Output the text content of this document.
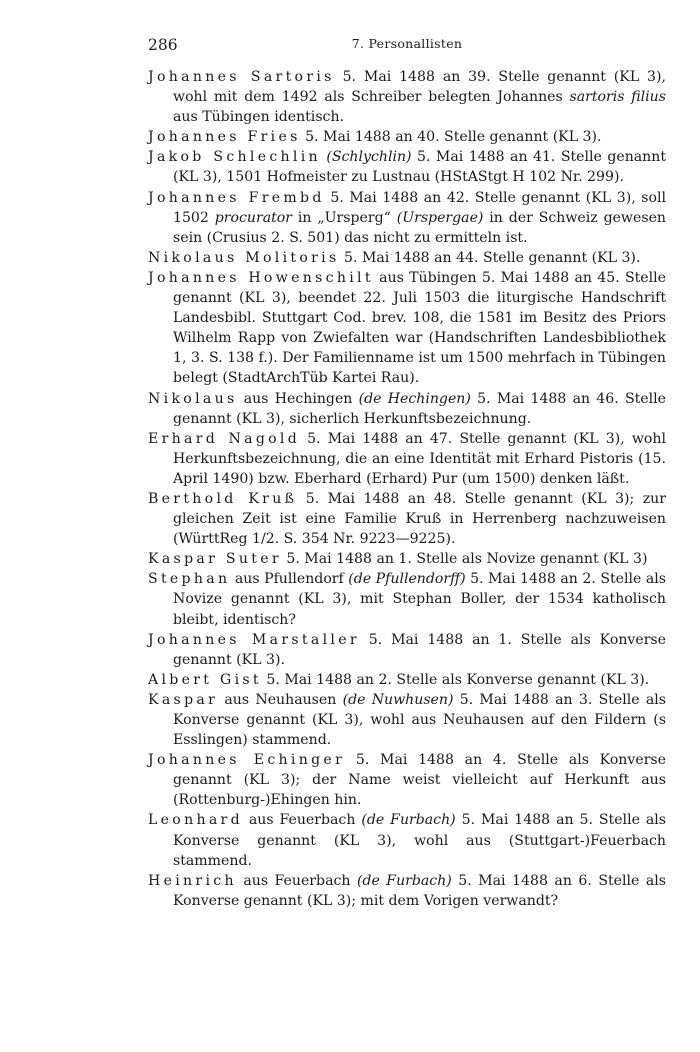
286	7. Personallisten

Johannes Sartoris 5. Mai 1488 an 39. Stelle genannt (KL 3), wohl mit dem 1492 als Schreiber belegten Johannes sartoris filius aus Tübingen identisch.

Johannes Fries 5. Mai 1488 an 40. Stelle genannt (KL 3).

Jakob Schlechlin (Schlychlin) 5. Mai 1488 an 41. Stelle genannt (KL 3), 1501 Hofmeister zu Lustnau (HStAStgt H 102 Nr. 299).

Johannes Frembd 5. Mai 1488 an 42. Stelle genannt (KL 3), soll 1502 procurator in „Ursperg“ (Urspergae) in der Schweiz gewesen sein (Crusius 2. S. 501) das nicht zu ermitteln ist.

Nikolaus Molitoris 5. Mai 1488 an 44. Stelle genannt (KL 3).

Johannes Howenschilt aus Tübingen 5. Mai 1488 an 45. Stelle genannt (KL 3), beendet 22. Juli 1503 die liturgische Handschrift Landesbibl. Stuttgart Cod. brev. 108, die 1581 im Besitz des Priors Wilhelm Rapp von Zwiefalten war (Handschriften Landesbibliothek 1, 3. S. 138 f.). Der Familienname ist um 1500 mehrfach in Tübingen belegt (StadtArchTüb Kartei Rau).

Nikolaus aus Hechingen (de Hechingen) 5. Mai 1488 an 46. Stelle genannt (KL 3), sicherlich Herkunftsbezeichnung.

Erhard Nagold 5. Mai 1488 an 47. Stelle genannt (KL 3), wohl Herkunftsbezeichnung, die an eine Identität mit Erhard Pistoris (15. April 1490) bzw. Eberhard (Erhard) Pur (um 1500) denken läßt.

Berthold Kruß 5. Mai 1488 an 48. Stelle genannt (KL 3); zur gleichen Zeit ist eine Familie Kruß in Herrenberg nachzuweisen (WürttReg 1/2. S. 354 Nr. 9223—9225).

Kaspar Suter 5. Mai 1488 an 1. Stelle als Novize genannt (KL 3)

Stephan aus Pfullendorf (de Pfullendorff) 5. Mai 1488 an 2. Stelle als Novize genannt (KL 3), mit Stephan Boller, der 1534 katholisch bleibt, identisch?

Johannes Marstaller 5. Mai 1488 an 1. Stelle als Konverse genannt (KL 3).

Albert Gist 5. Mai 1488 an 2. Stelle als Konverse genannt (KL 3).

Kaspar aus Neuhausen (de Nuwhusen) 5. Mai 1488 an 3. Stelle als Konverse genannt (KL 3), wohl aus Neuhausen auf den Fildern (s Esslingen) stammend.

Johannes Echinger 5. Mai 1488 an 4. Stelle als Konverse genannt (KL 3); der Name weist vielleicht auf Herkunft aus (Rottenburg-)Ehingen hin.

Leonhard aus Feuerbach (de Furbach) 5. Mai 1488 an 5. Stelle als Konverse genannt (KL 3), wohl aus (Stuttgart-)Feuerbach stammend.

Heinrich aus Feuerbach (de Furbach) 5. Mai 1488 an 6. Stelle als Konverse genannt (KL 3); mit dem Vorigen verwandt?
